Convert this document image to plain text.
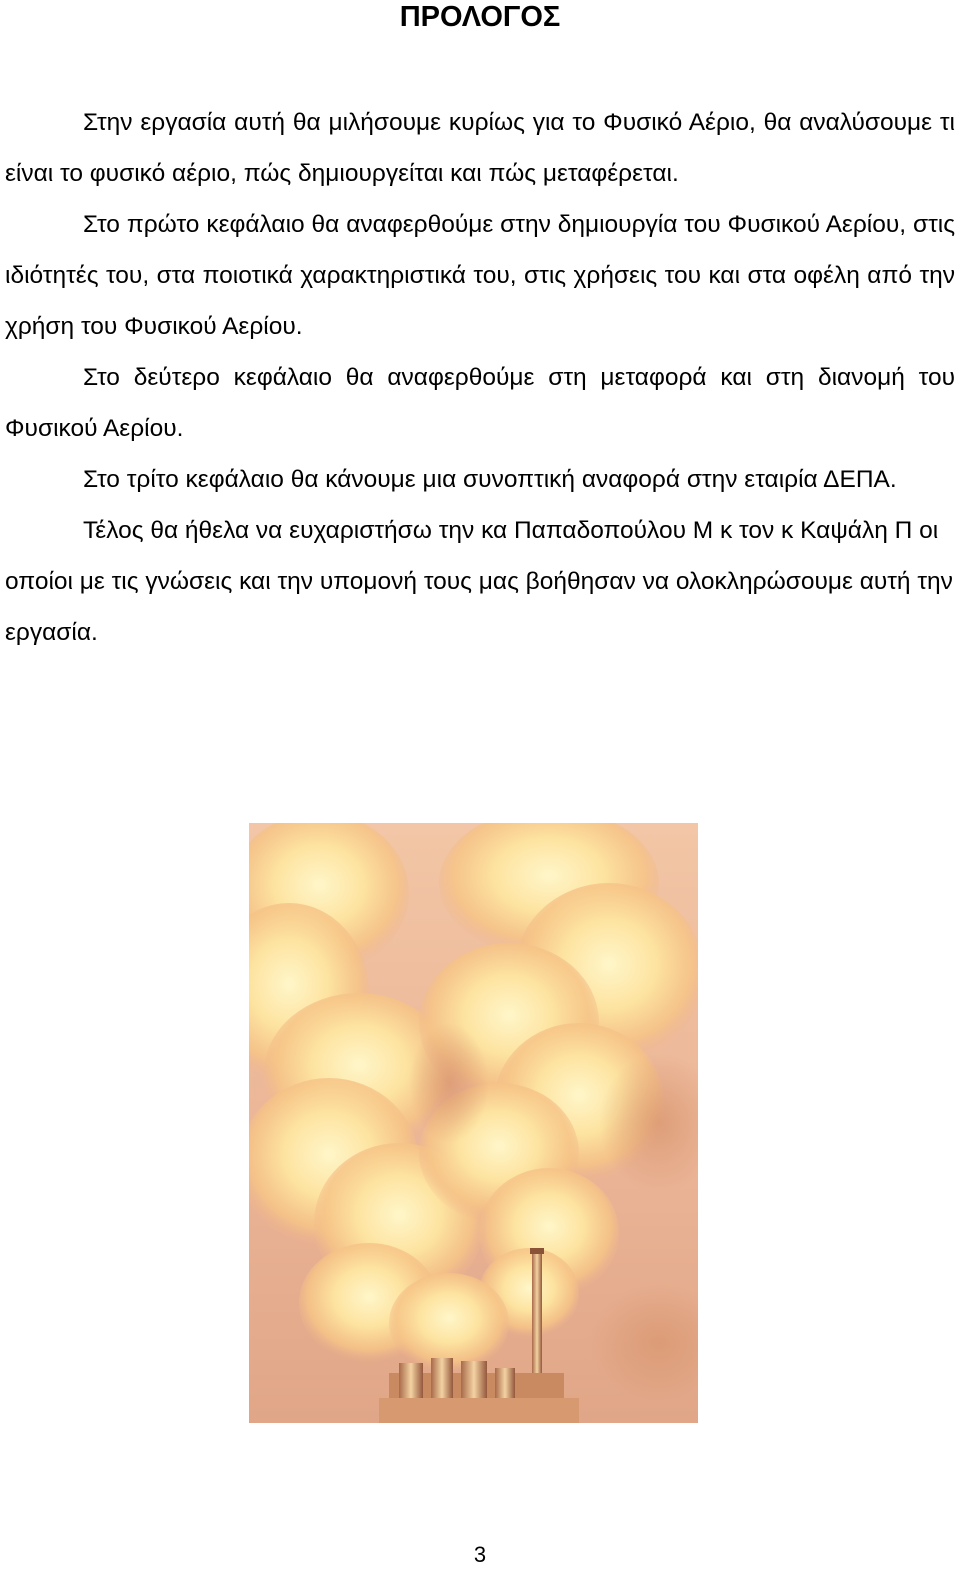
ΠΡΟΛΟΓΟΣ

Στην εργασία αυτή θα μιλήσουμε κυρίως για το Φυσικό Αέριο, θα αναλύσουμε τι είναι το φυσικό αέριο, πώς δημιουργείται και πώς μεταφέρεται.

Στο πρώτο κεφάλαιο θα αναφερθούμε στην δημιουργία του Φυσικού Αερίου, στις ιδιότητές του, στα ποιοτικά χαρακτηριστικά του, στις χρήσεις του και στα οφέλη από την χρήση του Φυσικού Αερίου.

Στο δεύτερο κεφάλαιο θα αναφερθούμε στη μεταφορά και στη διανομή του Φυσικού Αερίου.

Στο τρίτο κεφάλαιο θα κάνουμε μια συνοπτική αναφορά στην εταιρία ΔΕΠΑ.

Τέλος θα ήθελα να ευχαριστήσω την κα Παπαδοπούλου Μ κ τον κ Καψάλη Π οι οποίοι με τις γνώσεις και την υπομονή τους μας βοήθησαν να ολοκληρώσουμε αυτή την εργασία.

3
